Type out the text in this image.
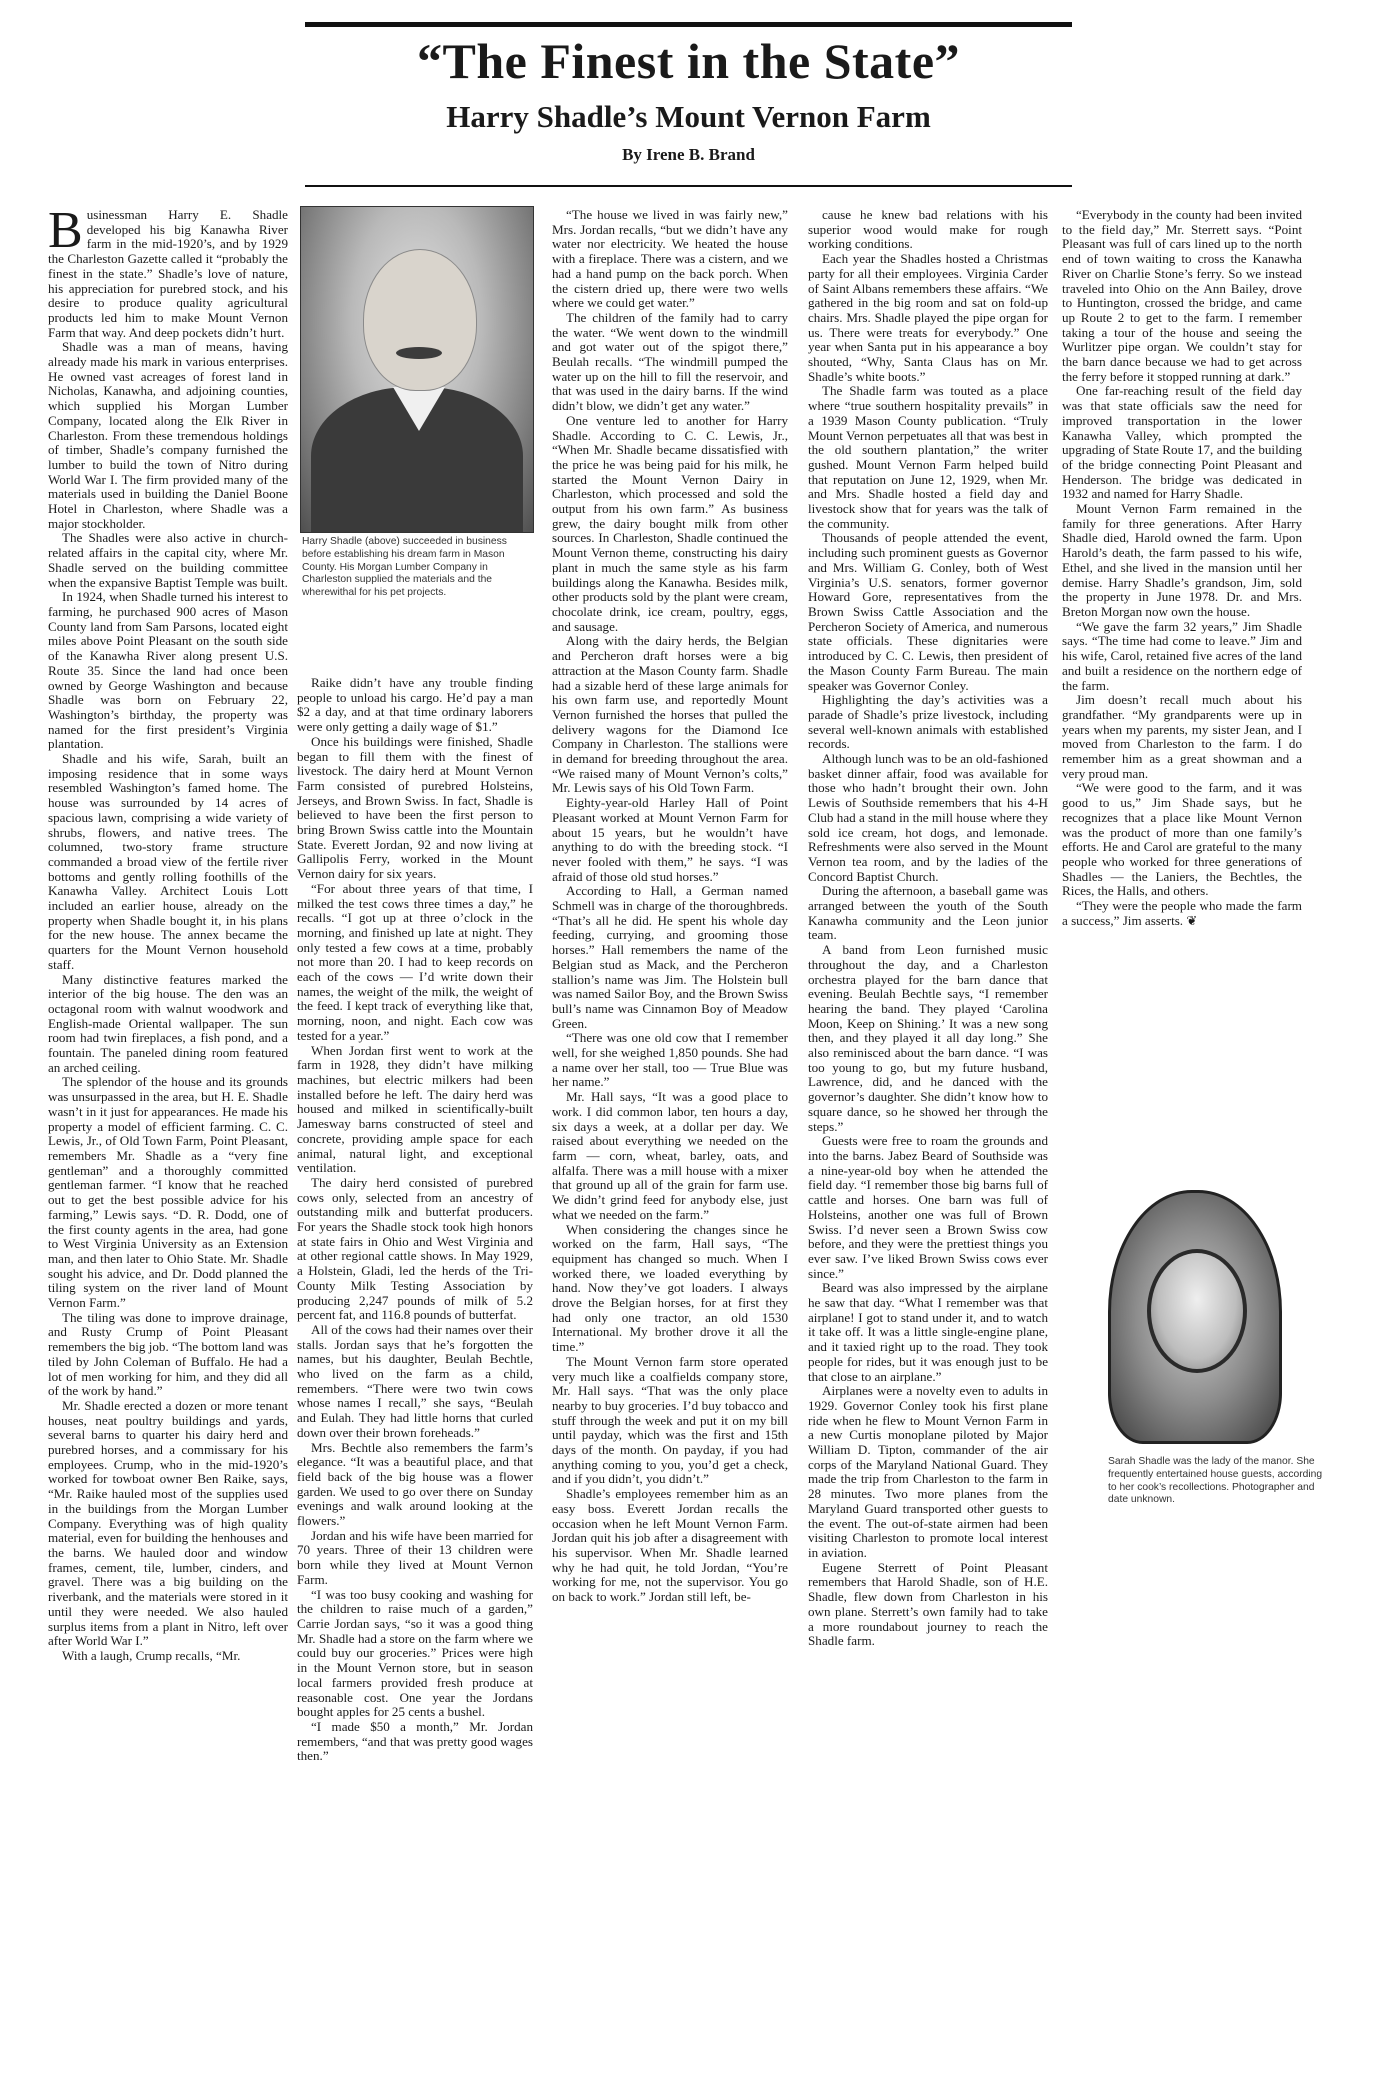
“The Finest in the State”
Harry Shadle’s Mount Vernon Farm
By Irene B. Brand

Businessman Harry E. Shadle developed his big Kanawha River farm in the mid-1920’s, and by 1929 the Charleston Gazette called it “probably the finest in the state.” Shadle’s love of nature, his appreciation for purebred stock, and his desire to produce quality agricultural products led him to make Mount Vernon Farm that way. And deep pockets didn’t hurt.

Shadle was a man of means, having already made his mark in various enterprises. He owned vast acreages of forest land in Nicholas, Kanawha, and adjoining counties, which supplied his Morgan Lumber Company, located along the Elk River in Charleston. From these tremendous holdings of timber, Shadle’s company furnished the lumber to build the town of Nitro during World War I. The firm provided many of the materials used in building the Daniel Boone Hotel in Charleston, where Shadle was a major stockholder.

The Shadles were also active in church-related affairs in the capital city, where Mr. Shadle served on the building committee when the expansive Baptist Temple was built.

In 1924, when Shadle turned his interest to farming, he purchased 900 acres of Mason County land from Sam Parsons, located eight miles above Point Pleasant on the south side of the Kanawha River along present U.S. Route 35. Since the land had once been owned by George Washington and because Shadle was born on February 22, Washington’s birthday, the property was named for the first president’s Virginia plantation.

Shadle and his wife, Sarah, built an imposing residence that in some ways resembled Washington’s famed home. The house was surrounded by 14 acres of spacious lawn, comprising a wide variety of shrubs, flowers, and native trees. The columned, two-story frame structure commanded a broad view of the fertile river bottoms and gently rolling foothills of the Kanawha Valley. Architect Louis Lott included an earlier house, already on the property when Shadle bought it, in his plans for the new house. The annex became the quarters for the Mount Vernon household staff.

Many distinctive features marked the interior of the big house. The den was an octagonal room with walnut woodwork and English-made Oriental wallpaper. The sun room had twin fireplaces, a fish pond, and a fountain. The paneled dining room featured an arched ceiling.

The splendor of the house and its grounds was unsurpassed in the area, but H. E. Shadle wasn’t in it just for appearances. He made his property a model of efficient farming. C. C. Lewis, Jr., of Old Town Farm, Point Pleasant, remembers Mr. Shadle as a “very fine gentleman” and a thoroughly committed gentleman farmer. “I know that he reached out to get the best possible advice for his farming,” Lewis says. “D. R. Dodd, one of the first county agents in the area, had gone to West Virginia University as an Extension man, and then later to Ohio State. Mr. Shadle sought his advice, and Dr. Dodd planned the tiling system on the river land of Mount Vernon Farm.”

The tiling was done to improve drainage, and Rusty Crump of Point Pleasant remembers the big job. “The bottom land was tiled by John Coleman of Buffalo. He had a lot of men working for him, and they did all of the work by hand.”

Mr. Shadle erected a dozen or more tenant houses, neat poultry buildings and yards, several barns to quarter his dairy herd and purebred horses, and a commissary for his employees. Crump, who in the mid-1920’s worked for towboat owner Ben Raike, says, “Mr. Raike hauled most of the supplies used in the buildings from the Morgan Lumber Company. Everything was of high quality material, even for building the henhouses and the barns. We hauled door and window frames, cement, tile, lumber, cinders, and gravel. There was a big building on the riverbank, and the materials were stored in it until they were needed. We also hauled surplus items from a plant in Nitro, left over after World War I.”

With a laugh, Crump recalls, “Mr.

Harry Shadle (above) succeeded in business before establishing his dream farm in Mason County. His Morgan Lumber Company in Charleston supplied the materials and the wherewithal for his pet projects.

Raike didn’t have any trouble finding people to unload his cargo. He’d pay a man $2 a day, and at that time ordinary laborers were only getting a daily wage of $1.”

Once his buildings were finished, Shadle began to fill them with the finest of livestock. The dairy herd at Mount Vernon Farm consisted of purebred Holsteins, Jerseys, and Brown Swiss. In fact, Shadle is believed to have been the first person to bring Brown Swiss cattle into the Mountain State. Everett Jordan, 92 and now living at Gallipolis Ferry, worked in the Mount Vernon dairy for six years.

“For about three years of that time, I milked the test cows three times a day,” he recalls. “I got up at three o’clock in the morning, and finished up late at night. They only tested a few cows at a time, probably not more than 20. I had to keep records on each of the cows — I’d write down their names, the weight of the milk, the weight of the feed. I kept track of everything like that, morning, noon, and night. Each cow was tested for a year.”

When Jordan first went to work at the farm in 1928, they didn’t have milking machines, but electric milkers had been installed before he left. The dairy herd was housed and milked in scientifically-built Jamesway barns constructed of steel and concrete, providing ample space for each animal, natural light, and exceptional ventilation.

The dairy herd consisted of purebred cows only, selected from an ancestry of outstanding milk and butterfat producers. For years the Shadle stock took high honors at state fairs in Ohio and West Virginia and at other regional cattle shows. In May 1929, a Holstein, Gladi, led the herds of the Tri-County Milk Testing Association by producing 2,247 pounds of milk of 5.2 percent fat, and 116.8 pounds of butterfat.

All of the cows had their names over their stalls. Jordan says that he’s forgotten the names, but his daughter, Beulah Bechtle, who lived on the farm as a child, remembers. “There were two twin cows whose names I recall,” she says, “Beulah and Eulah. They had little horns that curled down over their brown foreheads.”

Mrs. Bechtle also remembers the farm’s elegance. “It was a beautiful place, and that field back of the big house was a flower garden. We used to go over there on Sunday evenings and walk around looking at the flowers.”

Jordan and his wife have been married for 70 years. Three of their 13 children were born while they lived at Mount Vernon Farm.

“I was too busy cooking and washing for the children to raise much of a garden,” Carrie Jordan says, “so it was a good thing Mr. Shadle had a store on the farm where we could buy our groceries.” Prices were high in the Mount Vernon store, but in season local farmers provided fresh produce at reasonable cost. One year the Jordans bought apples for 25 cents a bushel.

“I made $50 a month,” Mr. Jordan remembers, “and that was pretty good wages then.”

“The house we lived in was fairly new,” Mrs. Jordan recalls, “but we didn’t have any water nor electricity. We heated the house with a fireplace. There was a cistern, and we had a hand pump on the back porch. When the cistern dried up, there were two wells where we could get water.”

The children of the family had to carry the water. “We went down to the windmill and got water out of the spigot there,” Beulah recalls. “The windmill pumped the water up on the hill to fill the reservoir, and that was used in the dairy barns. If the wind didn’t blow, we didn’t get any water.”

One venture led to another for Harry Shadle. According to C. C. Lewis, Jr., “When Mr. Shadle became dissatisfied with the price he was being paid for his milk, he started the Mount Vernon Dairy in Charleston, which processed and sold the output from his own farm.” As business grew, the dairy bought milk from other sources. In Charleston, Shadle continued the Mount Vernon theme, constructing his dairy plant in much the same style as his farm buildings along the Kanawha. Besides milk, other products sold by the plant were cream, chocolate drink, ice cream, poultry, eggs, and sausage.

Along with the dairy herds, the Belgian and Percheron draft horses were a big attraction at the Mason County farm. Shadle had a sizable herd of these large animals for his own farm use, and reportedly Mount Vernon furnished the horses that pulled the delivery wagons for the Diamond Ice Company in Charleston. The stallions were in demand for breeding throughout the area. “We raised many of Mount Vernon’s colts,” Mr. Lewis says of his Old Town Farm.

Eighty-year-old Harley Hall of Point Pleasant worked at Mount Vernon Farm for about 15 years, but he wouldn’t have anything to do with the breeding stock. “I never fooled with them,” he says. “I was afraid of those old stud horses.”

According to Hall, a German named Schmell was in charge of the thoroughbreds. “That’s all he did. He spent his whole day feeding, currying, and grooming those horses.” Hall remembers the name of the Belgian stud as Mack, and the Percheron stallion’s name was Jim. The Holstein bull was named Sailor Boy, and the Brown Swiss bull’s name was Cinnamon Boy of Meadow Green.

“There was one old cow that I remember well, for she weighed 1,850 pounds. She had a name over her stall, too — True Blue was her name.”

Mr. Hall says, “It was a good place to work. I did common labor, ten hours a day, six days a week, at a dollar per day. We raised about everything we needed on the farm — corn, wheat, barley, oats, and alfalfa. There was a mill house with a mixer that ground up all of the grain for farm use. We didn’t grind feed for anybody else, just what we needed on the farm.”

When considering the changes since he worked on the farm, Hall says, “The equipment has changed so much. When I worked there, we loaded everything by hand. Now they’ve got loaders. I always drove the Belgian horses, for at first they had only one tractor, an old 1530 International. My brother drove it all the time.”

The Mount Vernon farm store operated very much like a coalfields company store, Mr. Hall says. “That was the only place nearby to buy groceries. I’d buy tobacco and stuff through the week and put it on my bill until payday, which was the first and 15th days of the month. On payday, if you had anything coming to you, you’d get a check, and if you didn’t, you didn’t.”

Shadle’s employees remember him as an easy boss. Everett Jordan recalls the occasion when he left Mount Vernon Farm. Jordan quit his job after a disagreement with his supervisor. When Mr. Shadle learned why he had quit, he told Jordan, “You’re working for me, not the supervisor. You go on back to work.” Jordan still left, be-

cause he knew bad relations with his superior wood would make for rough working conditions.

Each year the Shadles hosted a Christmas party for all their employees. Virginia Carder of Saint Albans remembers these affairs. “We gathered in the big room and sat on fold-up chairs. Mrs. Shadle played the pipe organ for us. There were treats for everybody.” One year when Santa put in his appearance a boy shouted, “Why, Santa Claus has on Mr. Shadle’s white boots.”

The Shadle farm was touted as a place where “true southern hospitality prevails” in a 1939 Mason County publication. “Truly Mount Vernon perpetuates all that was best in the old southern plantation,” the writer gushed. Mount Vernon Farm helped build that reputation on June 12, 1929, when Mr. and Mrs. Shadle hosted a field day and livestock show that for years was the talk of the community.

Thousands of people attended the event, including such prominent guests as Governor and Mrs. William G. Conley, both of West Virginia’s U.S. senators, former governor Howard Gore, representatives from the Brown Swiss Cattle Association and the Percheron Society of America, and numerous state officials. These dignitaries were introduced by C. C. Lewis, then president of the Mason County Farm Bureau. The main speaker was Governor Conley.

Highlighting the day’s activities was a parade of Shadle’s prize livestock, including several well-known animals with established records.

Although lunch was to be an old-fashioned basket dinner affair, food was available for those who hadn’t brought their own. John Lewis of Southside remembers that his 4-H Club had a stand in the mill house where they sold ice cream, hot dogs, and lemonade. Refreshments were also served in the Mount Vernon tea room, and by the ladies of the Concord Baptist Church.

During the afternoon, a baseball game was arranged between the youth of the South Kanawha community and the Leon junior team.

A band from Leon furnished music throughout the day, and a Charleston orchestra played for the barn dance that evening. Beulah Bechtle says, “I remember hearing the band. They played ‘Carolina Moon, Keep on Shining.’ It was a new song then, and they played it all day long.” She also reminisced about the barn dance. “I was too young to go, but my future husband, Lawrence, did, and he danced with the governor’s daughter. She didn’t know how to square dance, so he showed her through the steps.”

Guests were free to roam the grounds and into the barns. Jabez Beard of Southside was a nine-year-old boy when he attended the field day. “I remember those big barns full of cattle and horses. One barn was full of Holsteins, another one was full of Brown Swiss. I’d never seen a Brown Swiss cow before, and they were the prettiest things you ever saw. I’ve liked Brown Swiss cows ever since.”

Beard was also impressed by the airplane he saw that day. “What I remember was that airplane! I got to stand under it, and to watch it take off. It was a little single-engine plane, and it taxied right up to the road. They took people for rides, but it was enough just to be that close to an airplane.”

Airplanes were a novelty even to adults in 1929. Governor Conley took his first plane ride when he flew to Mount Vernon Farm in a new Curtis monoplane piloted by Major William D. Tipton, commander of the air corps of the Maryland National Guard. They made the trip from Charleston to the farm in 28 minutes. Two more planes from the Maryland Guard transported other guests to the event. The out-of-state airmen had been visiting Charleston to promote local interest in aviation.

Eugene Sterrett of Point Pleasant remembers that Harold Shadle, son of H.E. Shadle, flew down from Charleston in his own plane. Sterrett’s own family had to take a more roundabout journey to reach the Shadle farm.

“Everybody in the county had been invited to the field day,” Mr. Sterrett says. “Point Pleasant was full of cars lined up to the north end of town waiting to cross the Kanawha River on Charlie Stone’s ferry. So we instead traveled into Ohio on the Ann Bailey, drove to Huntington, crossed the bridge, and came up Route 2 to get to the farm. I remember taking a tour of the house and seeing the Wurlitzer pipe organ. We couldn’t stay for the barn dance because we had to get across the ferry before it stopped running at dark.”

One far-reaching result of the field day was that state officials saw the need for improved transportation in the lower Kanawha Valley, which prompted the upgrading of State Route 17, and the building of the bridge connecting Point Pleasant and Henderson. The bridge was dedicated in 1932 and named for Harry Shadle.

Mount Vernon Farm remained in the family for three generations. After Harry Shadle died, Harold owned the farm. Upon Harold’s death, the farm passed to his wife, Ethel, and she lived in the mansion until her demise. Harry Shadle’s grandson, Jim, sold the property in June 1978. Dr. and Mrs. Breton Morgan now own the house.

“We gave the farm 32 years,” Jim Shadle says. “The time had come to leave.” Jim and his wife, Carol, retained five acres of the land and built a residence on the northern edge of the farm.

Jim doesn’t recall much about his grandfather. “My grandparents were up in years when my parents, my sister Jean, and I moved from Charleston to the farm. I do remember him as a great showman and a very proud man.

“We were good to the farm, and it was good to us,” Jim Shade says, but he recognizes that a place like Mount Vernon was the product of more than one family’s efforts. He and Carol are grateful to the many people who worked for three generations of Shadles — the Laniers, the Bechtles, the Rices, the Halls, and others.

“They were the people who made the farm a success,” Jim asserts. ❦

Sarah Shadle was the lady of the manor. She frequently entertained house guests, according to her cook’s recollections. Photographer and date unknown.
